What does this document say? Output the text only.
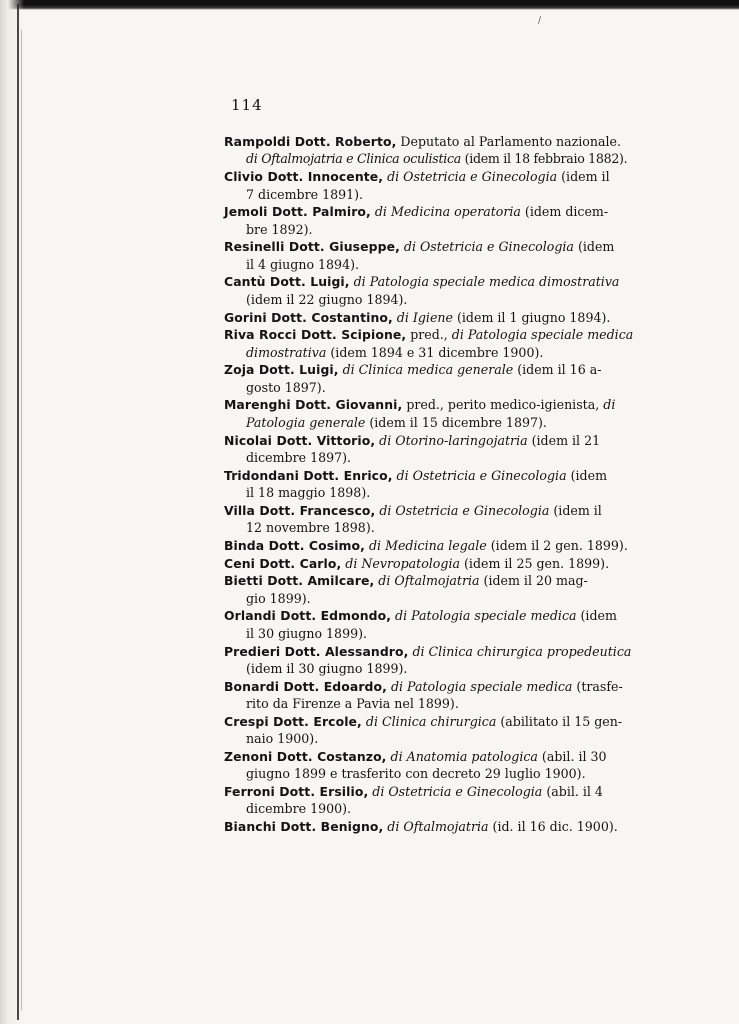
/
114
Rampoldi Dott. Roberto, Deputato al Parlamento nazionale.
di Oftalmojatria e Clinica oculistica (idem il 18 febbraio 1882).
Clivio Dott. Innocente, di Ostetricia e Ginecologia (idem il
7 dicembre 1891).
Jemoli Dott. Palmiro, di Medicina operatoria (idem dicem-
bre 1892).
Resinelli Dott. Giuseppe, di Ostetricia e Ginecologia (idem
il 4 giugno 1894).
Cantù Dott. Luigi, di Patologia speciale medica dimostrativa
(idem il 22 giugno 1894).
Gorini Dott. Costantino, di Igiene (idem il 1 giugno 1894).
Riva Rocci Dott. Scipione, pred., di Patologia speciale medica
dimostrativa (idem 1894 e 31 dicembre 1900).
Zoja Dott. Luigi, di Clinica medica generale (idem il 16 a-
gosto 1897).
Marenghi Dott. Giovanni, pred., perito medico-igienista, di
Patologia generale (idem il 15 dicembre 1897).
Nicolai Dott. Vittorio, di Otorino-laringojatria (idem il 21
dicembre 1897).
Tridondani Dott. Enrico, di Ostetricia e Ginecologia (idem
il 18 maggio 1898).
Villa Dott. Francesco, di Ostetricia e Ginecologia (idem il
12 novembre 1898).
Binda Dott. Cosimo, di Medicina legale (idem il 2 gen. 1899).
Ceni Dott. Carlo, di Nevropatologia (idem il 25 gen. 1899).
Bietti Dott. Amilcare, di Oftalmojatria (idem il 20 mag-
gio 1899).
Orlandi Dott. Edmondo, di Patologia speciale medica (idem
il 30 giugno 1899).
Predieri Dott. Alessandro, di Clinica chirurgica propedeutica
(idem il 30 giugno 1899).
Bonardi Dott. Edoardo, di Patologia speciale medica (trasfe-
rito da Firenze a Pavia nel 1899).
Crespi Dott. Ercole, di Clinica chirurgica (abilitato il 15 gen-
naio 1900).
Zenoni Dott. Costanzo, di Anatomia patologica (abil. il 30
giugno 1899 e trasferito con decreto 29 luglio 1900).
Ferroni Dott. Ersilio, di Ostetricia e Ginecologia (abil. il 4
dicembre 1900).
Bianchi Dott. Benigno, di Oftalmojatria (id. il 16 dic. 1900).
